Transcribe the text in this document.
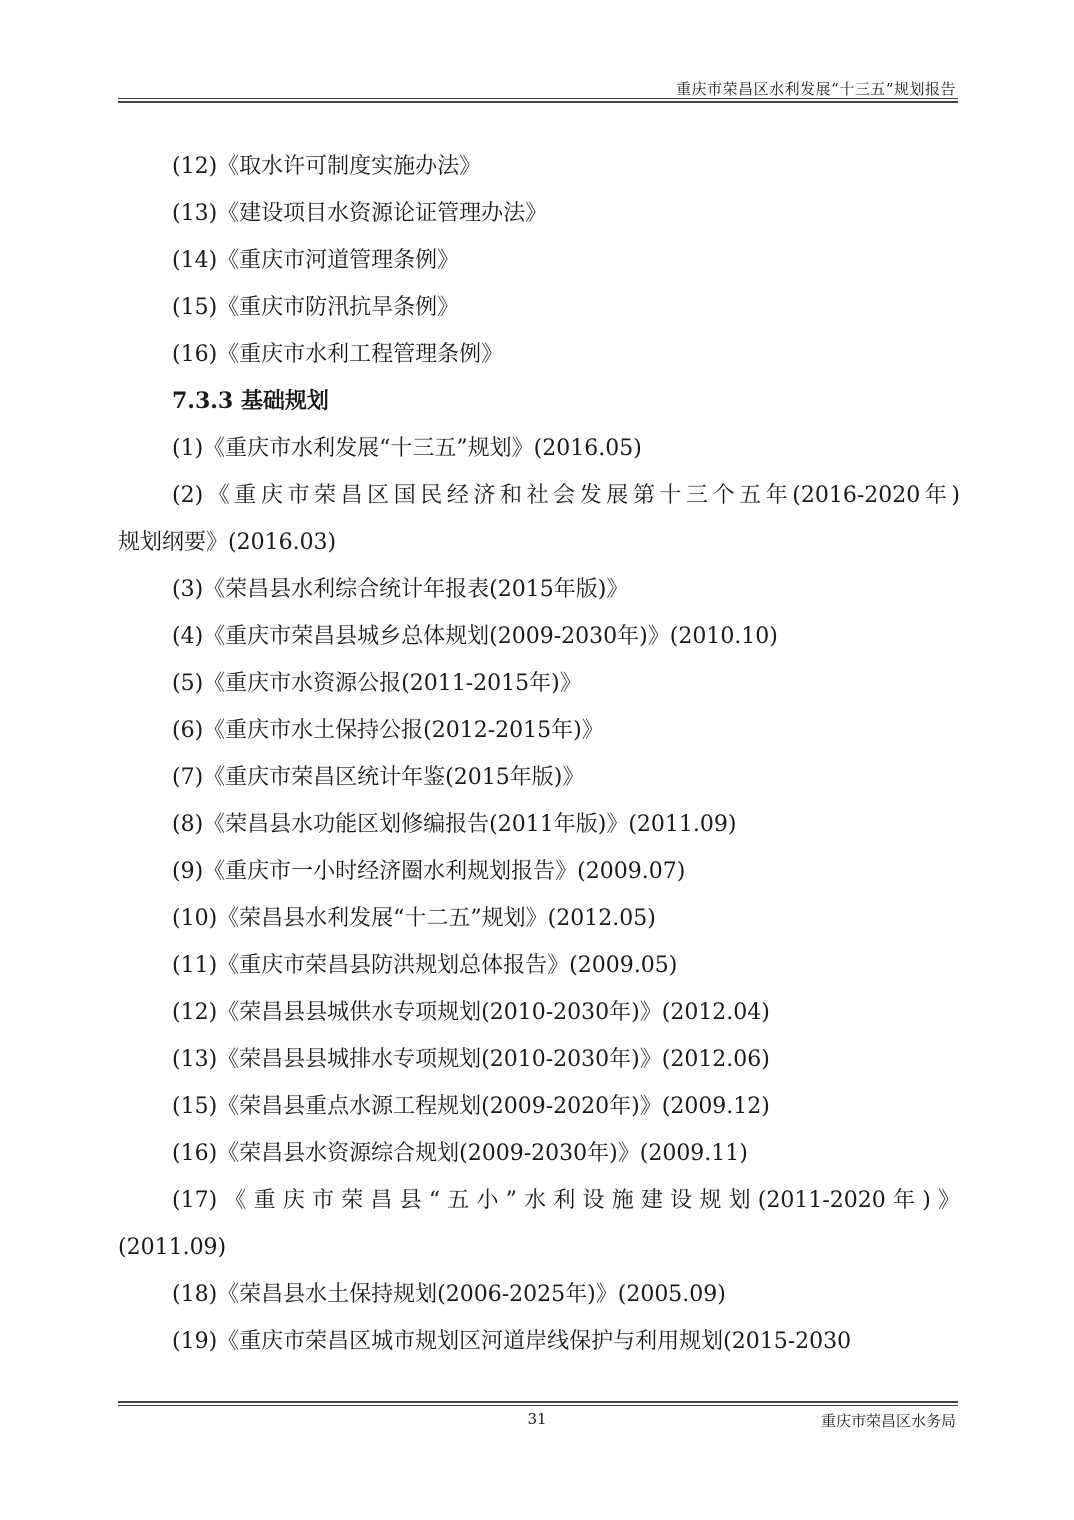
重庆市荣昌区水利发展“十三五”规划报告
(12)《取水许可制度实施办法》
(13)《建设项目水资源论证管理办法》
(14)《重庆市河道管理条例》
(15)《重庆市防汛抗旱条例》
(16)《重庆市水利工程管理条例》
7.3.3 基础规划
(1)《重庆市水利发展“十三五”规划》(2016.05)
(2)《重庆市荣昌区国民经济和社会发展第十三个五年(2016-2020年)
规划纲要》(2016.03)
(3)《荣昌县水利综合统计年报表(2015年版)》
(4)《重庆市荣昌县城乡总体规划(2009-2030年)》(2010.10)
(5)《重庆市水资源公报(2011-2015年)》
(6)《重庆市水土保持公报(2012-2015年)》
(7)《重庆市荣昌区统计年鉴(2015年版)》
(8)《荣昌县水功能区划修编报告(2011年版)》(2011.09)
(9)《重庆市一小时经济圈水利规划报告》(2009.07)
(10)《荣昌县水利发展“十二五”规划》(2012.05)
(11)《重庆市荣昌县防洪规划总体报告》(2009.05)
(12)《荣昌县县城供水专项规划(2010-2030年)》(2012.04)
(13)《荣昌县县城排水专项规划(2010-2030年)》(2012.06)
(15)《荣昌县重点水源工程规划(2009-2020年)》(2009.12)
(16)《荣昌县水资源综合规划(2009-2030年)》(2009.11)
(17)《重庆市荣昌县“五小”水利设施建设规划(2011-2020年)》
(2011.09)
(18)《荣昌县水土保持规划(2006-2025年)》(2005.09)
(19)《重庆市荣昌区城市规划区河道岸线保护与利用规划(2015-2030
31	重庆市荣昌区水务局
